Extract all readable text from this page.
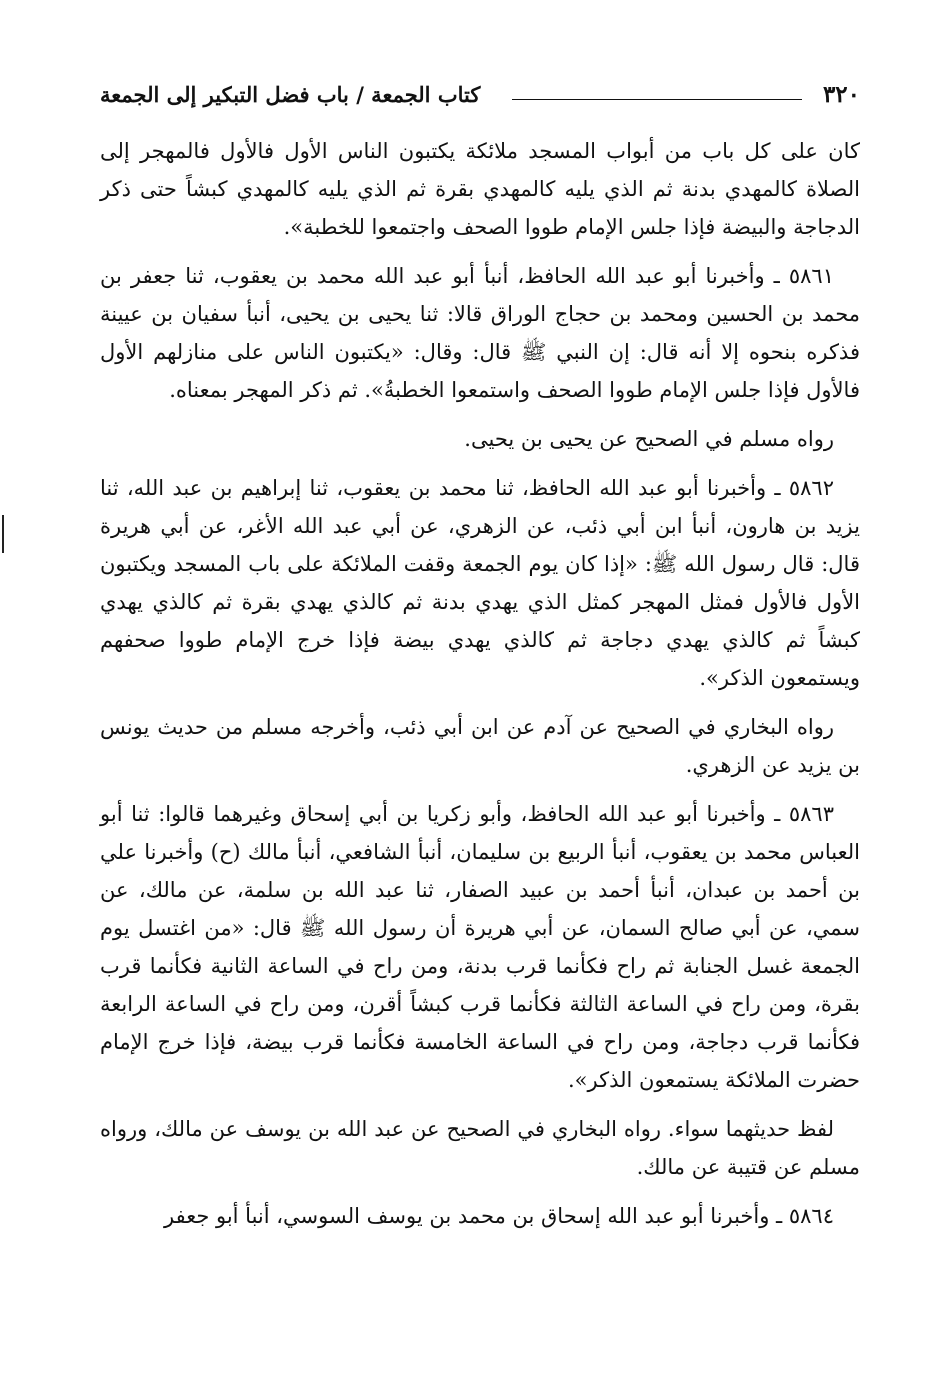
٣٢٠
كتاب الجمعة / باب فضل التبكير إلى الجمعة

كان على كل باب من أبواب المسجد ملائكة يكتبون الناس الأول فالأول فالمهجر إلى الصلاة كالمهدي بدنة ثم الذي يليه كالمهدي بقرة ثم الذي يليه كالمهدي كبشاً حتى ذكر الدجاجة والبيضة فإذا جلس الإمام طووا الصحف واجتمعوا للخطبة».

٥٨٦١ ـ وأخبرنا أبو عبد الله الحافظ، أنبأ أبو عبد الله محمد بن يعقوب، ثنا جعفر بن محمد بن الحسين ومحمد بن حجاج الوراق قالا: ثنا يحيى بن يحيى، أنبأ سفيان بن عيينة فذكره بنحوه إلا أنه قال: إن النبي ﷺ قال: وقال: «يكتبون الناس على منازلهم الأول فالأول فإذا جلس الإمام طووا الصحف واستمعوا الخطبةُ». ثم ذكر المهجر بمعناه.

رواه مسلم في الصحيح عن يحيى بن يحيى.

٥٨٦٢ ـ وأخبرنا أبو عبد الله الحافظ، ثنا محمد بن يعقوب، ثنا إبراهيم بن عبد الله، ثنا يزيد بن هارون، أنبأ ابن أبي ذئب، عن الزهري، عن أبي عبد الله الأغر، عن أبي هريرة قال: قال رسول الله ﷺ: «إذا كان يوم الجمعة وقفت الملائكة على باب المسجد ويكتبون الأول فالأول فمثل المهجر كمثل الذي يهدي بدنة ثم كالذي يهدي بقرة ثم كالذي يهدي كبشاً ثم كالذي يهدي دجاجة ثم كالذي يهدي بيضة فإذا خرج الإمام طووا صحفهم ويستمعون الذكر».

رواه البخاري في الصحيح عن آدم عن ابن أبي ذئب، وأخرجه مسلم من حديث يونس بن يزيد عن الزهري.

٥٨٦٣ ـ وأخبرنا أبو عبد الله الحافظ، وأبو زكريا بن أبي إسحاق وغيرهما قالوا: ثنا أبو العباس محمد بن يعقوب، أنبأ الربيع بن سليمان، أنبأ الشافعي، أنبأ مالك (ح) وأخبرنا علي بن أحمد بن عبدان، أنبأ أحمد بن عبيد الصفار، ثنا عبد الله بن سلمة، عن مالك، عن سمي، عن أبي صالح السمان، عن أبي هريرة أن رسول الله ﷺ قال: «من اغتسل يوم الجمعة غسل الجنابة ثم راح فكأنما قرب بدنة، ومن راح في الساعة الثانية فكأنما قرب بقرة، ومن راح في الساعة الثالثة فكأنما قرب كبشاً أقرن، ومن راح في الساعة الرابعة فكأنما قرب دجاجة، ومن راح في الساعة الخامسة فكأنما قرب بيضة، فإذا خرج الإمام حضرت الملائكة يستمعون الذكر».

لفظ حديثهما سواء. رواه البخاري في الصحيح عن عبد الله بن يوسف عن مالك، ورواه مسلم عن قتيبة عن مالك.

٥٨٦٤ ـ وأخبرنا أبو عبد الله إسحاق بن محمد بن يوسف السوسي، أنبأ أبو جعفر
